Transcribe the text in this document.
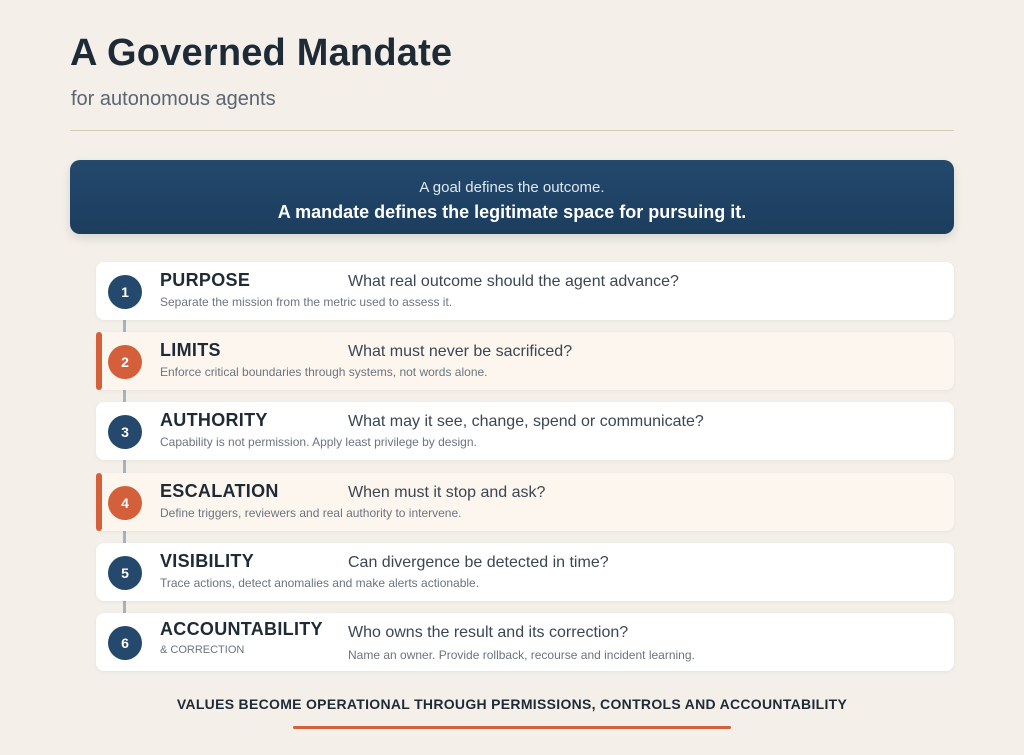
A Governed Mandate

for autonomous agents

A goal defines the outcome.
A mandate defines the legitimate space for pursuing it.
1
PURPOSE	What real outcome should the agent advance?
Separate the mission from the metric used to assess it.
2
LIMITS	What must never be sacrificed?
Enforce critical boundaries through systems, not words alone.
3
AUTHORITY	What may it see, change, spend or communicate?
Capability is not permission. Apply least privilege by design.
4
ESCALATION	When must it stop and ask?
Define triggers, reviewers and real authority to intervene.
5
VISIBILITY	Can divergence be detected in time?
Trace actions, detect anomalies and make alerts actionable.
6
ACCOUNTABILITY
& CORRECTION
Who owns the result and its correction?
Name an owner. Provide rollback, recourse and incident learning.
VALUES BECOME OPERATIONAL THROUGH PERMISSIONS, CONTROLS AND ACCOUNTABILITY
